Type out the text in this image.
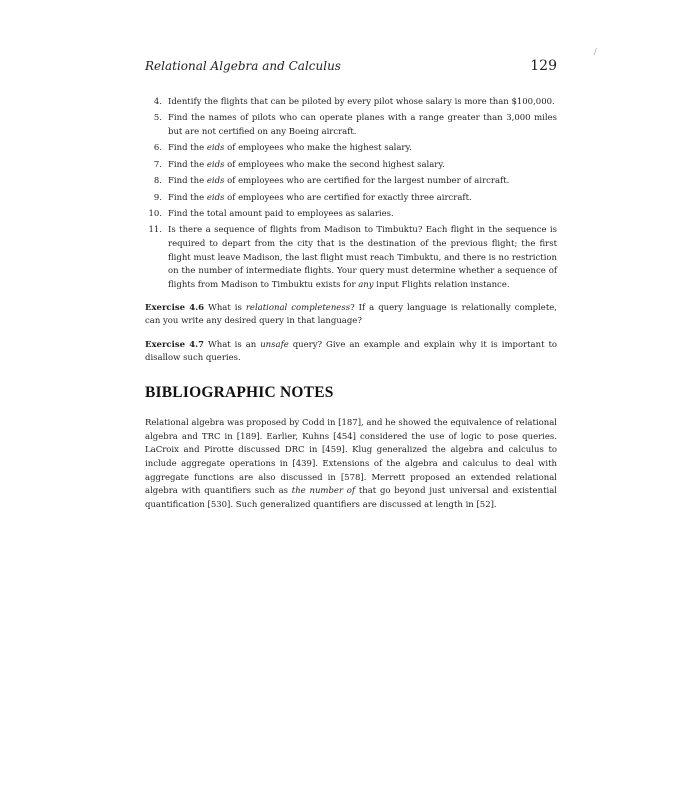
/
Relational Algebra and Calculus	129
4. Identify the flights that can be piloted by every pilot whose salary is more than $100,000.
5. Find the names of pilots who can operate planes with a range greater than 3,000 miles but are not certified on any Boeing aircraft.
6. Find the eids of employees who make the highest salary.
7. Find the eids of employees who make the second highest salary.
8. Find the eids of employees who are certified for the largest number of aircraft.
9. Find the eids of employees who are certified for exactly three aircraft.
10. Find the total amount paid to employees as salaries.
11. Is there a sequence of flights from Madison to Timbuktu? Each flight in the sequence is required to depart from the city that is the destination of the previous flight; the first flight must leave Madison, the last flight must reach Timbuktu, and there is no restriction on the number of intermediate flights. Your query must determine whether a sequence of flights from Madison to Timbuktu exists for any input Flights relation instance.

Exercise 4.6 What is relational completeness? If a query language is relationally complete, can you write any desired query in that language?

Exercise 4.7 What is an unsafe query? Give an example and explain why it is important to disallow such queries.

BIBLIOGRAPHIC NOTES

Relational algebra was proposed by Codd in [187], and he showed the equivalence of relational algebra and TRC in [189]. Earlier, Kuhns [454] considered the use of logic to pose queries. LaCroix and Pirotte discussed DRC in [459]. Klug generalized the algebra and calculus to include aggregate operations in [439]. Extensions of the algebra and calculus to deal with aggregate functions are also discussed in [578]. Merrett proposed an extended relational algebra with quantifiers such as the number of that go beyond just universal and existential quantification [530]. Such generalized quantifiers are discussed at length in [52].
